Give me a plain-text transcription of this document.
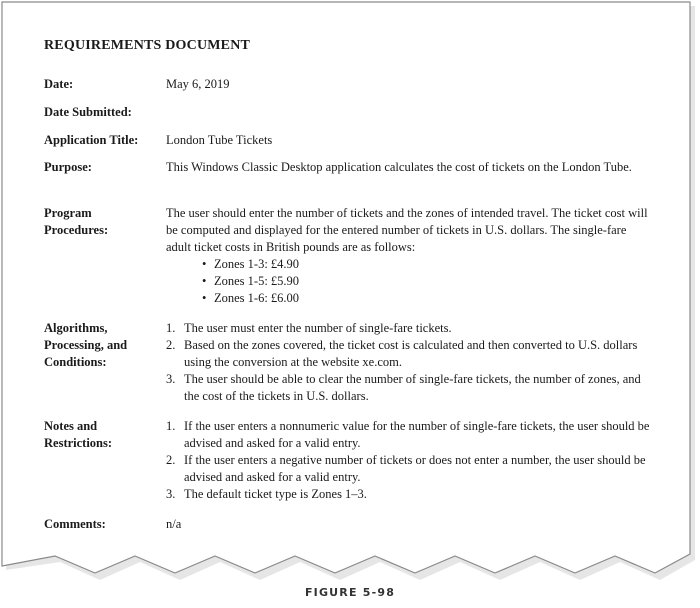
REQUIREMENTS DOCUMENT
Date:	May 6, 2019
Date Submitted:
Application Title:	London Tube Tickets
Purpose:	This Windows Classic Desktop application calculates the cost of tickets on the London Tube.
Program
Procedures:

The user should enter the number of tickets and the zones of intended travel. The ticket cost will be computed and displayed for the entered number of tickets in U.S. dollars. The single-fare adult ticket costs in British pounds are as follows:

• Zones 1-3: £4.90
• Zones 1-5: £5.90
• Zones 1-6: £6.00
Algorithms,
Processing, and
Conditions:
1. The user must enter the number of single-fare tickets.
2. Based on the zones covered, the ticket cost is calculated and then converted to U.S. dollars using the conversion at the website xe.com.
3. The user should be able to clear the number of single-fare tickets, the number of zones, and the cost of the tickets in U.S. dollars.
Notes and
Restrictions:
1. If the user enters a nonnumeric value for the number of single-fare tickets, the user should be advised and asked for a valid entry.
2. If the user enters a negative number of tickets or does not enter a number, the user should be advised and asked for a valid entry.
3. The default ticket type is Zones 1–3.
Comments:	n/a
FIGURE 5-98
